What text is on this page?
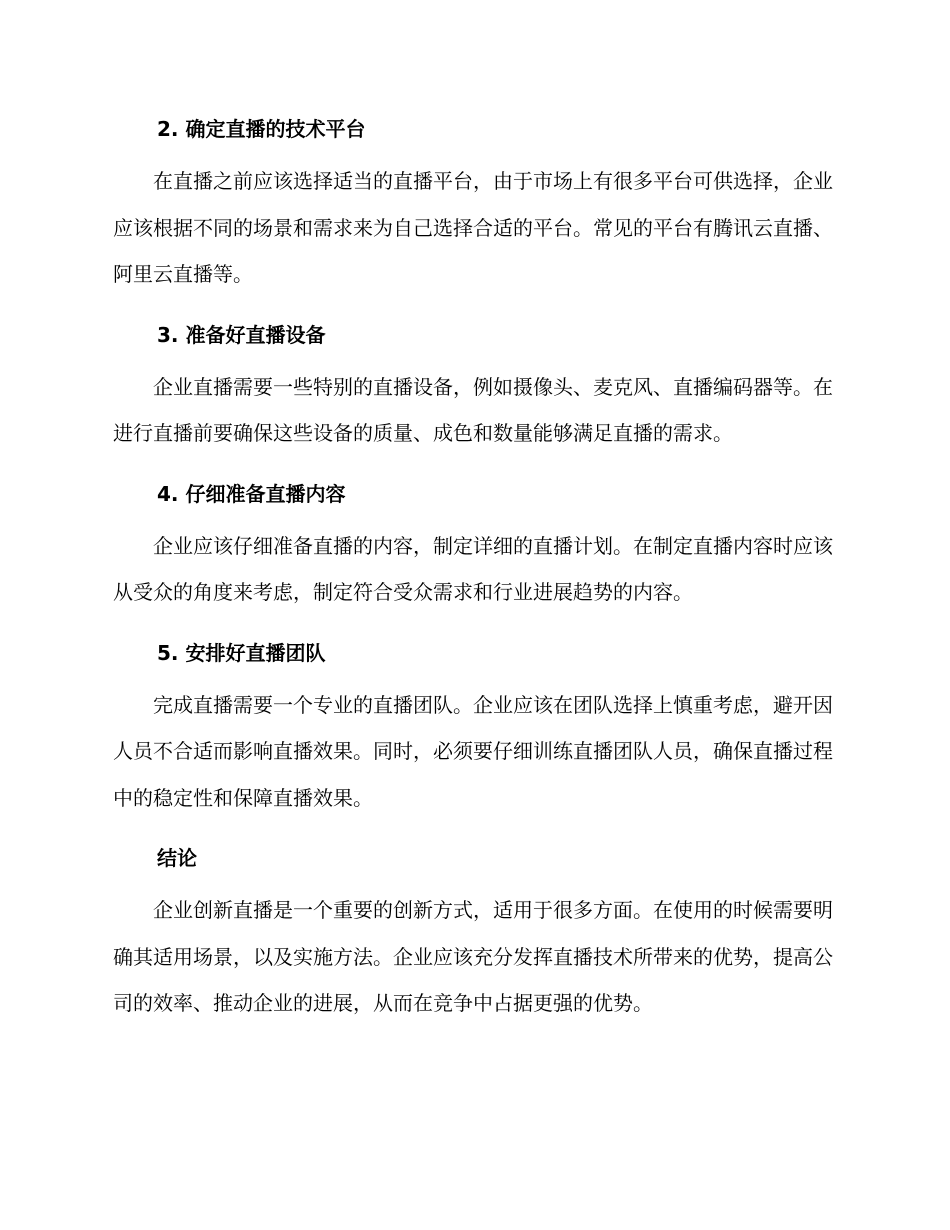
2. 确定直播的技术平台

在直播之前应该选择适当的直播平台，由于市场上有很多平台可供选择，企业应该根据不同的场景和需求来为自己选择合适的平台。常见的平台有腾讯云直播、阿里云直播等。

3. 准备好直播设备

企业直播需要一些特别的直播设备，例如摄像头、麦克风、直播编码器等。在进行直播前要确保这些设备的质量、成色和数量能够满足直播的需求。

4. 仔细准备直播内容

企业应该仔细准备直播的内容，制定详细的直播计划。在制定直播内容时应该从受众的角度来考虑，制定符合受众需求和行业进展趋势的内容。

5. 安排好直播团队

完成直播需要一个专业的直播团队。企业应该在团队选择上慎重考虑，避开因人员不合适而影响直播效果。同时，必须要仔细训练直播团队人员，确保直播过程中的稳定性和保障直播效果。

结论

企业创新直播是一个重要的创新方式，适用于很多方面。在使用的时候需要明确其适用场景，以及实施方法。企业应该充分发挥直播技术所带来的优势，提高公司的效率、推动企业的进展，从而在竞争中占据更强的优势。
